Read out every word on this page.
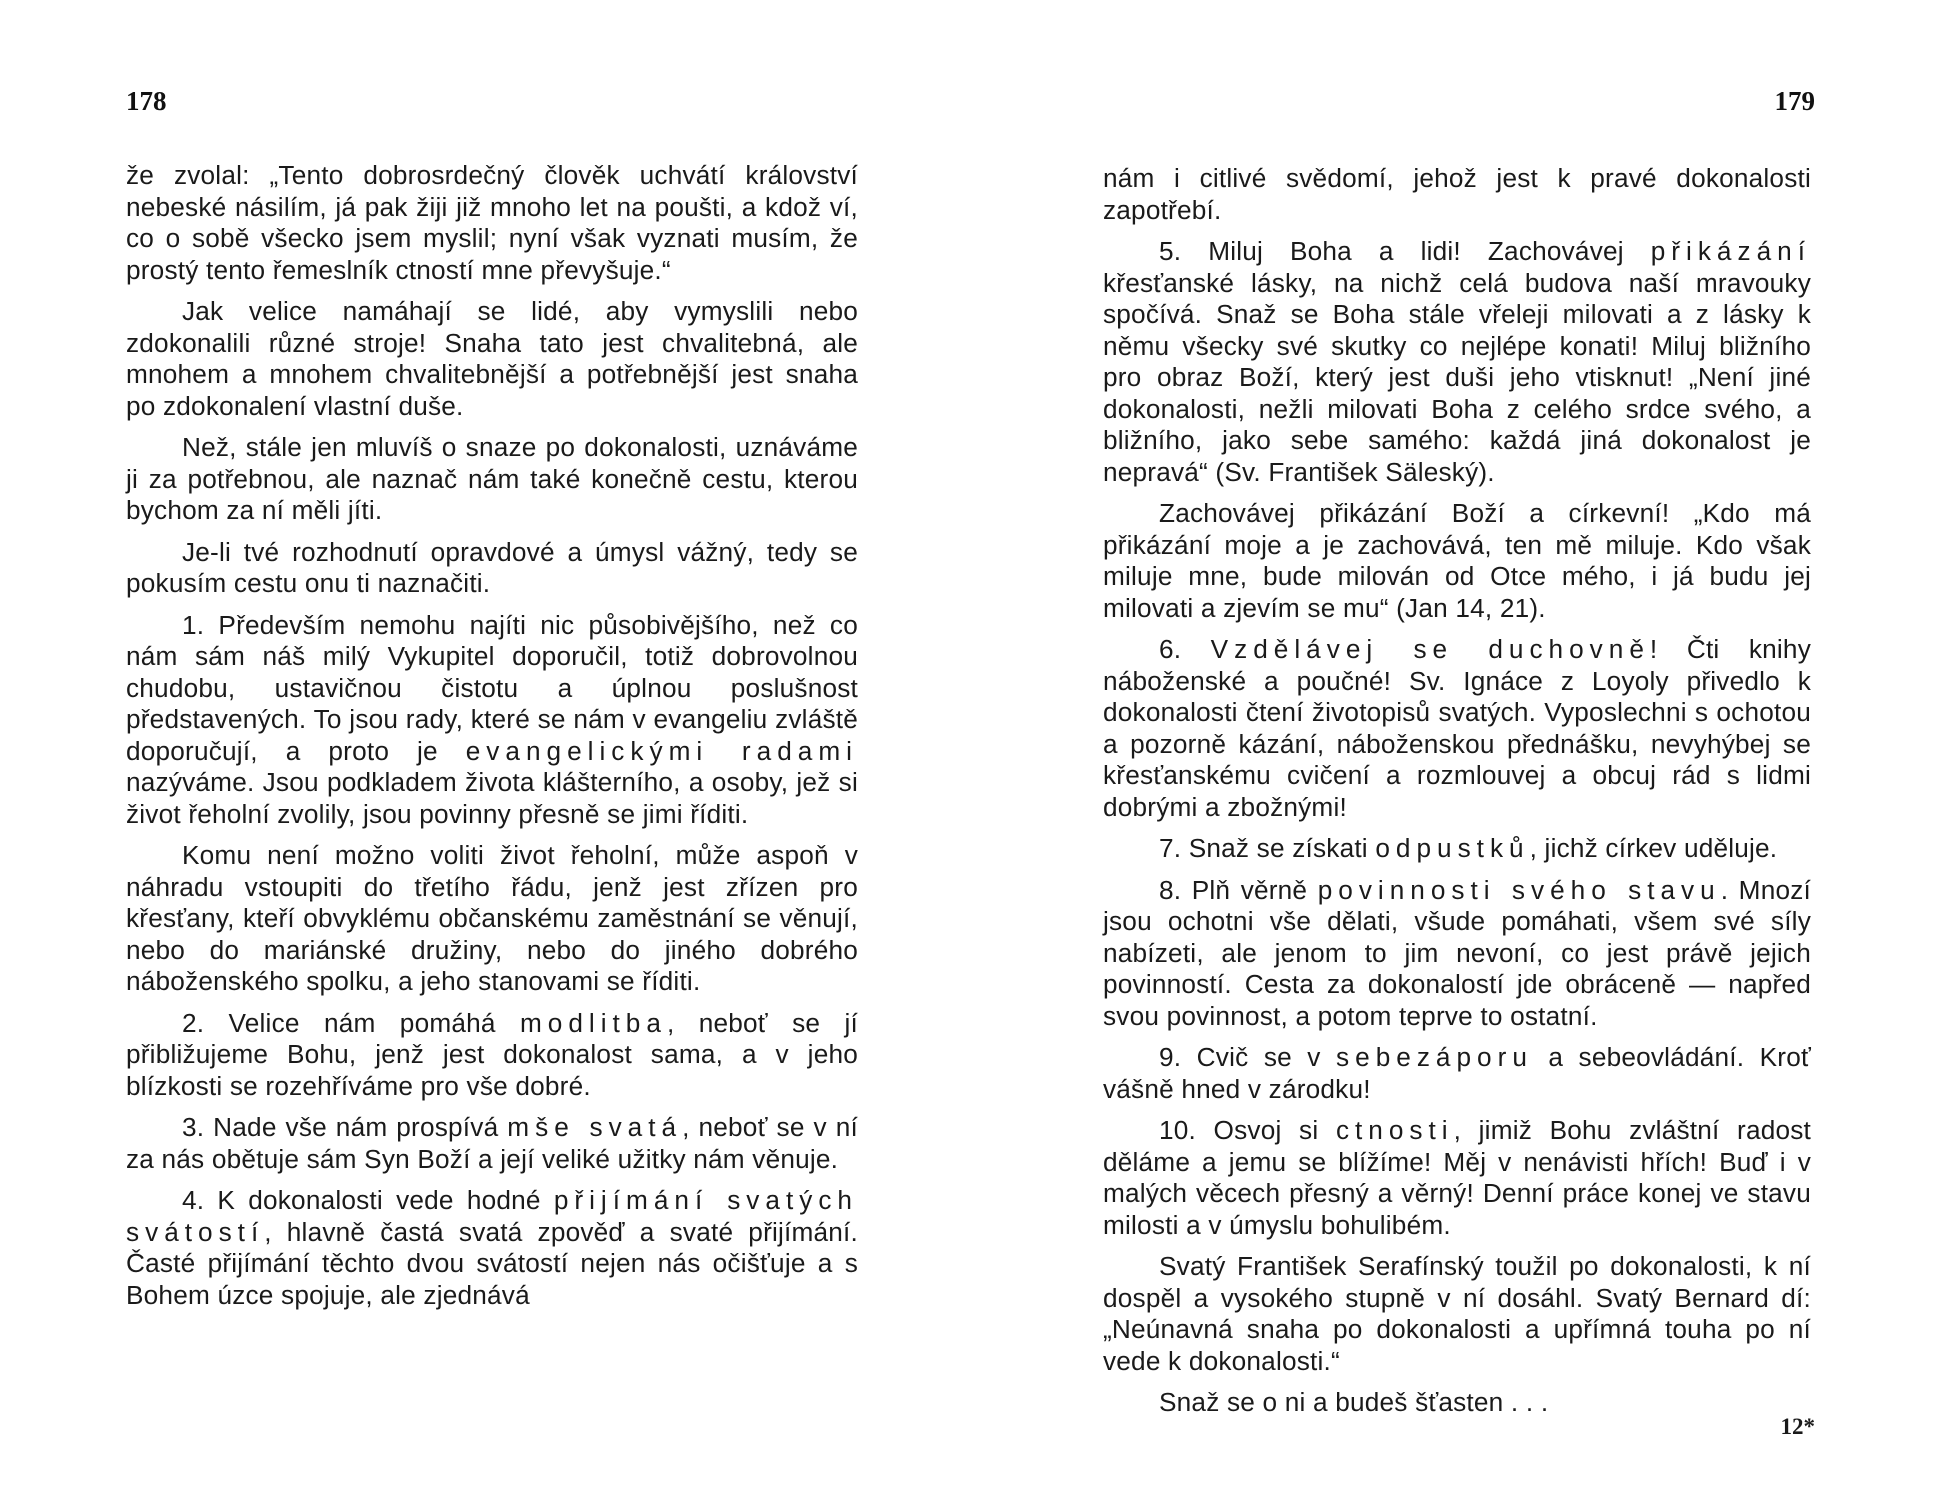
178

že zvolal: „Tento dobrosrdečný člověk uchvátí království nebeské násilím, já pak žiji již mnoho let na poušti, a kdož ví, co o sobě všecko jsem myslil; nyní však vyznati musím, že prostý tento řemeslník ctností mne převyšuje.“

Jak velice namáhají se lidé, aby vymyslili nebo zdokonalili různé stroje! Snaha tato jest chvalitebná, ale mnohem a mnohem chvalitebnější a potřebnější jest snaha po zdokonalení vlastní duše.

Než, stále jen mluvíš o snaze po dokonalosti, uznáváme ji za potřebnou, ale naznač nám také konečně cestu, kterou bychom za ní měli jíti.

Je-li tvé rozhodnutí opravdové a úmysl vážný, tedy se pokusím cestu onu ti naznačiti.

1. Především nemohu najíti nic působivějšího, než co nám sám náš milý Vykupitel doporučil, totiž dobrovolnou chudobu, ustavičnou čistotu a úplnou poslušnost představených. To jsou rady, které se nám v evangeliu zvláště doporučují, a proto je evangelickými radami nazýváme. Jsou podkladem života klášterního, a osoby, jež si život řeholní zvolily, jsou povinny přesně se jimi říditi.

Komu není možno voliti život řeholní, může aspoň v náhradu vstoupiti do třetího řádu, jenž jest zřízen pro křesťany, kteří obvyklému občanskému zaměstnání se věnují, nebo do mariánské družiny, nebo do jiného dobrého náboženského spolku, a jeho stanovami se říditi.

2. Velice nám pomáhá modlitba, neboť se jí přibližujeme Bohu, jenž jest dokonalost sama, a v jeho blízkosti se rozehříváme pro vše dobré.

3. Nade vše nám prospívá mše svatá, neboť se v ní za nás obětuje sám Syn Boží a její veliké užitky nám věnuje.

4. K dokonalosti vede hodné přijímání svatých svátostí, hlavně častá svatá zpověď a svaté přijímání. Časté přijímání těchto dvou svátostí nejen nás očišťuje a s Bohem úzce spojuje, ale zjednává

179

nám i citlivé svědomí, jehož jest k pravé dokonalosti zapotřebí.

5. Miluj Boha a lidi! Zachovávej přikázání křesťanské lásky, na nichž celá budova naší mravouky spočívá. Snaž se Boha stále vřeleji milovati a z lásky k němu všecky své skutky co nejlépe konati! Miluj bližního pro obraz Boží, který jest duši jeho vtisknut! „Není jiné dokonalosti, nežli milovati Boha z celého srdce svého, a bližního, jako sebe samého: každá jiná dokonalost je nepravá“ (Sv. František Säleský).

Zachovávej přikázání Boží a církevní! „Kdo má přikázání moje a je zachovává, ten mě miluje. Kdo však miluje mne, bude milován od Otce mého, i já budu jej milovati a zjevím se mu“ (Jan 14, 21).

6. Vzdělávej se duchovně! Čti knihy náboženské a poučné! Sv. Ignáce z Loyoly přivedlo k dokonalosti čtení životopisů svatých. Vyposlechni s ochotou a pozorně kázání, náboženskou přednášku, nevyhýbej se křesťanskému cvičení a rozmlouvej a obcuj rád s lidmi dobrými a zbožnými!

7. Snaž se získati odpustků, jichž církev uděluje.

8. Plň věrně povinnosti svého stavu. Mnozí jsou ochotni vše dělati, všude pomáhati, všem své síly nabízeti, ale jenom to jim nevoní, co jest právě jejich povinností. Cesta za dokonalostí jde obráceně — napřed svou povinnost, a potom teprve to ostatní.

9. Cvič se v sebezáporu a sebeovládání. Kroť vášně hned v zárodku!

10. Osvoj si ctnosti, jimiž Bohu zvláštní radost děláme a jemu se blížíme! Měj v nenávisti hřích! Buď i v malých věcech přesný a věrný! Denní práce konej ve stavu milosti a v úmyslu bohulibém.

Svatý František Serafínský toužil po dokonalosti, k ní dospěl a vysokého stupně v ní dosáhl. Svatý Bernard dí: „Neúnavná snaha po dokonalosti a upřímná touha po ní vede k dokonalosti.“

Snaž se o ni a budeš šťasten . . .

12*
